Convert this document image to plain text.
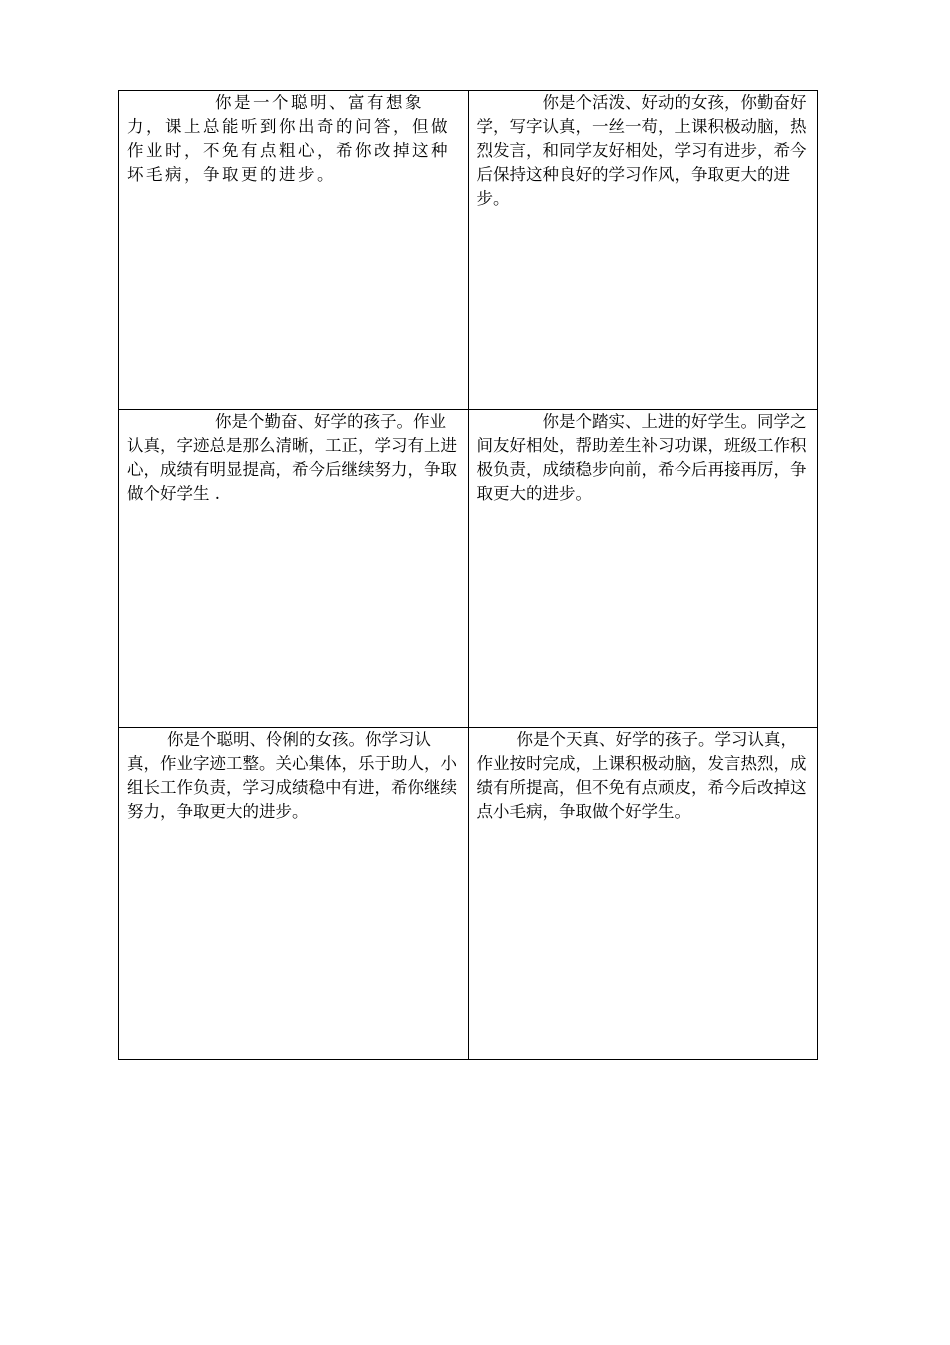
你是一个聪明、富有想象力，课上总能听到你出奇的问答，但做作业时，不免有点粗心，希你改掉这种坏毛病，争取更的进步。	你是个活泼、好动的女孩，你勤奋好学，写字认真，一丝一苟，上课积极动脑，热烈发言，和同学友好相处，学习有进步，希今后保持这种良好的学习作风，争取更大的进步。

你是个勤奋、好学的孩子。作业认真，字迹总是那么清晰，工正，学习有上进心，成绩有明显提高，希今后继续努力，争取做个好学生 .	你是个踏实、上进的好学生。同学之间友好相处，帮助差生补习功课，班级工作积极负责，成绩稳步向前，希今后再接再厉，争取更大的进步。

你是个聪明、伶俐的女孩。你学习认真，作业字迹工整。关心集体，乐于助人，小组长工作负责，学习成绩稳中有进，希你继续努力，争取更大的进步。	你是个天真、好学的孩子。学习认真，作业按时完成，上课积极动脑，发言热烈，成绩有所提高，但不免有点顽皮，希今后改掉这点小毛病，争取做个好学生。
